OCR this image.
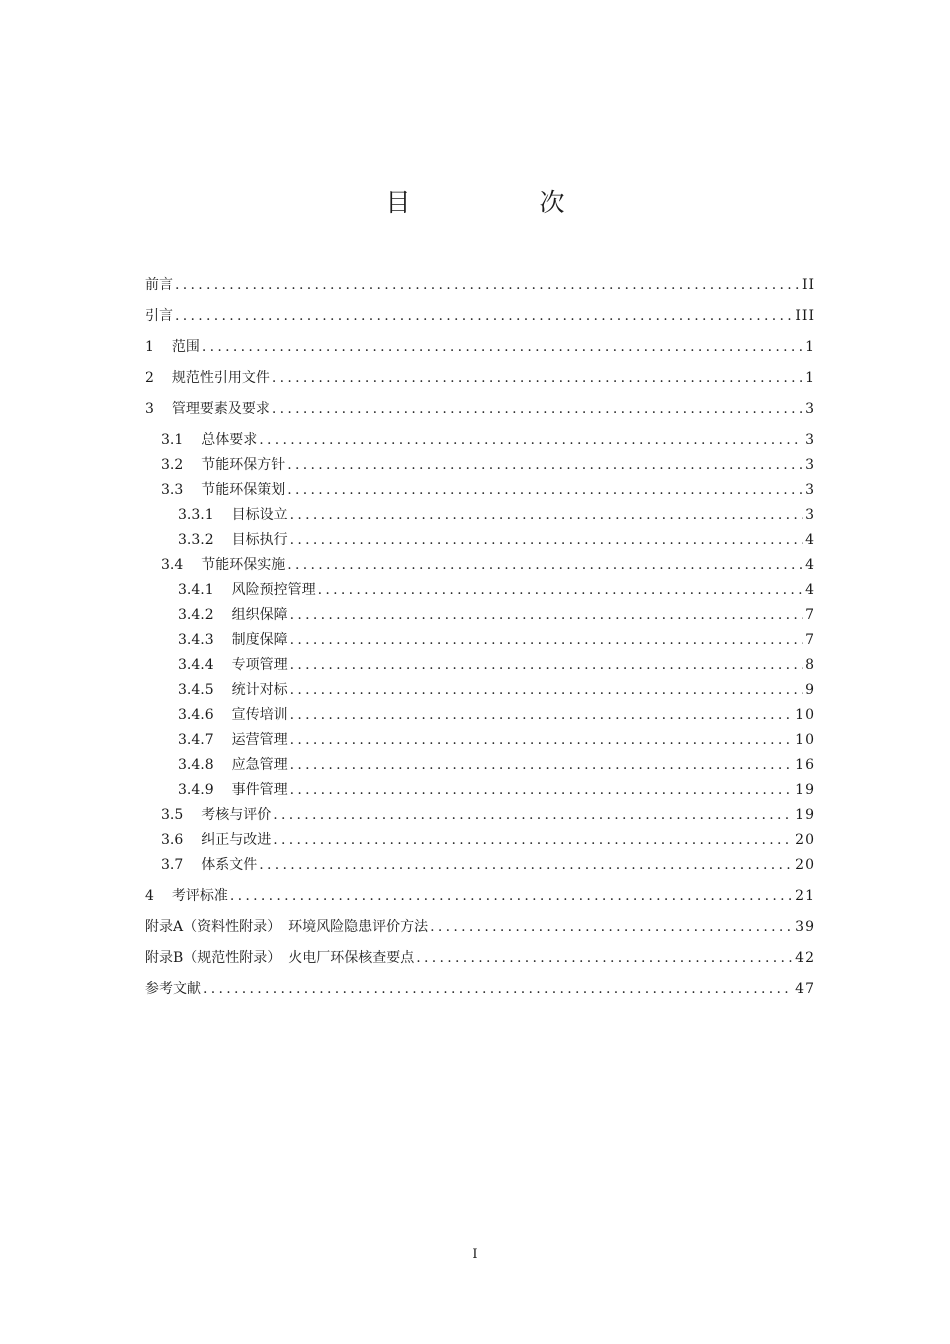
目　次
前言 .....	II
引言 .....	III
1 范围 .....	1
2 规范性引用文件 .....	1
3 管理要素及要求 .....	3
3.1 总体要求 .....	3
3.2 节能环保方针 .....	3
3.3 节能环保策划 .....	3
3.3.1 目标设立 .....	3
3.3.2 目标执行 .....	4
3.4 节能环保实施 .....	4
3.4.1 风险预控管理 .....	4
3.4.2 组织保障 .....	7
3.4.3 制度保障 .....	7
3.4.4 专项管理 .....	8
3.4.5 统计对标 .....	9
3.4.6 宣传培训 .....	10
3.4.7 运营管理 .....	10
3.4.8 应急管理 .....	16
3.4.9 事件管理 .....	19
3.5 考核与评价 .....	19
3.6 纠正与改进 .....	20
3.7 体系文件 .....	20
4 考评标准 .....	21
附录A（资料性附录）　环境风险隐患评价方法 .....	39
附录B（规范性附录）　火电厂环保核查要点 .....	42
参考文献 .....	47
I
